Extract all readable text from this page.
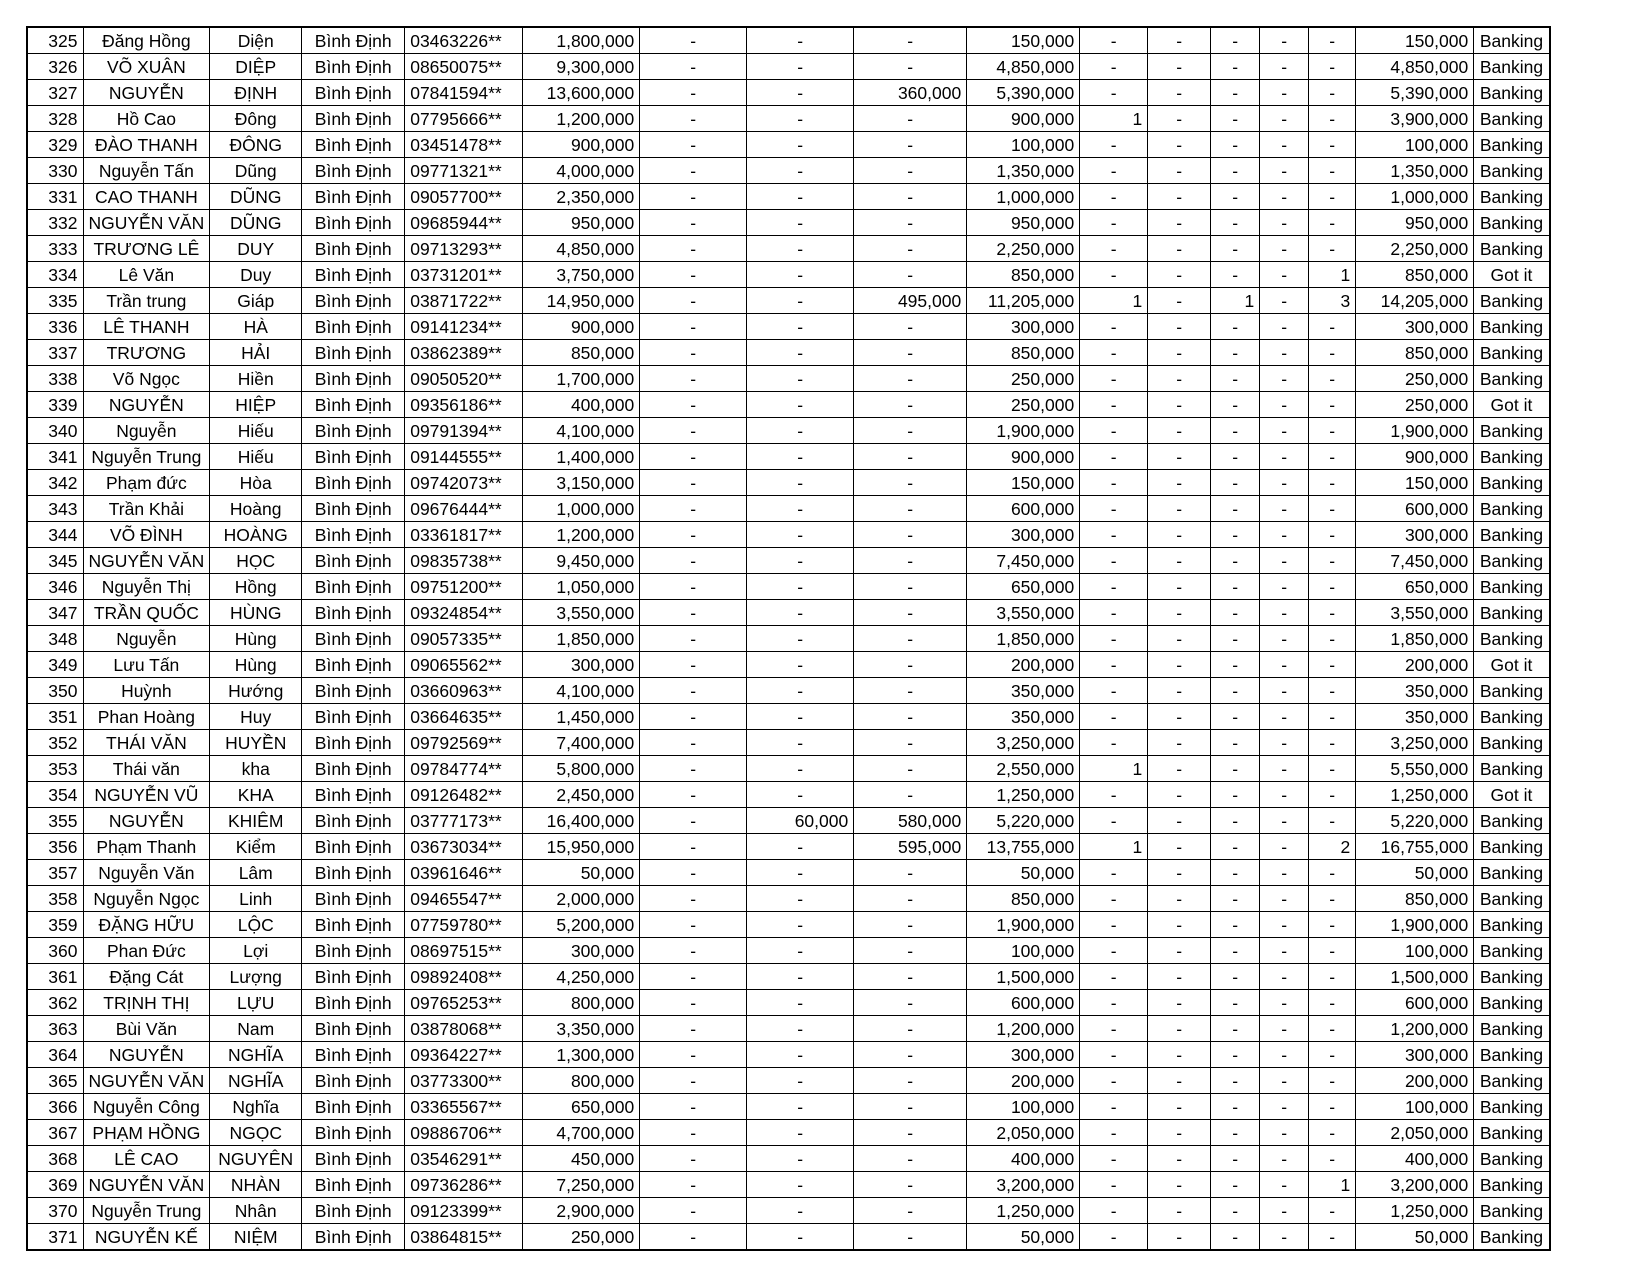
325	Đăng Hồng	Diện	Bình Định	03463226**	1,800,000	-	-	-	150,000	-	-	-	-	-	150,000	Banking
326	VÕ XUÂN	DIỆP	Bình Định	08650075**	9,300,000	-	-	-	4,850,000	-	-	-	-	-	4,850,000	Banking
327	NGUYỄN	ĐỊNH	Bình Định	07841594**	13,600,000	-	-	360,000	5,390,000	-	-	-	-	-	5,390,000	Banking
328	Hồ Cao	Đông	Bình Định	07795666**	1,200,000	-	-	-	900,000	1	-	-	-	-	3,900,000	Banking
329	ĐÀO THANH	ĐÔNG	Bình Định	03451478**	900,000	-	-	-	100,000	-	-	-	-	-	100,000	Banking
330	Nguyễn Tấn	Dũng	Bình Định	09771321**	4,000,000	-	-	-	1,350,000	-	-	-	-	-	1,350,000	Banking
331	CAO THANH	DŨNG	Bình Định	09057700**	2,350,000	-	-	-	1,000,000	-	-	-	-	-	1,000,000	Banking
332	NGUYỄN VĂN	DŨNG	Bình Định	09685944**	950,000	-	-	-	950,000	-	-	-	-	-	950,000	Banking
333	TRƯƠNG LÊ	DUY	Bình Định	09713293**	4,850,000	-	-	-	2,250,000	-	-	-	-	-	2,250,000	Banking
334	Lê Văn	Duy	Bình Định	03731201**	3,750,000	-	-	-	850,000	-	-	-	-	1	850,000	Got it
335	Trần trung	Giáp	Bình Định	03871722**	14,950,000	-	-	495,000	11,205,000	1	-	1	-	3	14,205,000	Banking
336	LÊ THANH	HÀ	Bình Định	09141234**	900,000	-	-	-	300,000	-	-	-	-	-	300,000	Banking
337	TRƯƠNG	HẢI	Bình Định	03862389**	850,000	-	-	-	850,000	-	-	-	-	-	850,000	Banking
338	Võ Ngọc	Hiền	Bình Định	09050520**	1,700,000	-	-	-	250,000	-	-	-	-	-	250,000	Banking
339	NGUYỄN	HIỆP	Bình Định	09356186**	400,000	-	-	-	250,000	-	-	-	-	-	250,000	Got it
340	Nguyễn	Hiếu	Bình Định	09791394**	4,100,000	-	-	-	1,900,000	-	-	-	-	-	1,900,000	Banking
341	Nguyễn Trung	Hiếu	Bình Định	09144555**	1,400,000	-	-	-	900,000	-	-	-	-	-	900,000	Banking
342	Phạm đức	Hòa	Bình Định	09742073**	3,150,000	-	-	-	150,000	-	-	-	-	-	150,000	Banking
343	Trần Khải	Hoàng	Bình Định	09676444**	1,000,000	-	-	-	600,000	-	-	-	-	-	600,000	Banking
344	VÕ ĐÌNH	HOÀNG	Bình Định	03361817**	1,200,000	-	-	-	300,000	-	-	-	-	-	300,000	Banking
345	NGUYỄN VĂN	HỌC	Bình Định	09835738**	9,450,000	-	-	-	7,450,000	-	-	-	-	-	7,450,000	Banking
346	Nguyễn Thị	Hồng	Bình Định	09751200**	1,050,000	-	-	-	650,000	-	-	-	-	-	650,000	Banking
347	TRẦN QUỐC	HÙNG	Bình Định	09324854**	3,550,000	-	-	-	3,550,000	-	-	-	-	-	3,550,000	Banking
348	Nguyễn	Hùng	Bình Định	09057335**	1,850,000	-	-	-	1,850,000	-	-	-	-	-	1,850,000	Banking
349	Lưu Tấn	Hùng	Bình Định	09065562**	300,000	-	-	-	200,000	-	-	-	-	-	200,000	Got it
350	Huỳnh	Hướng	Bình Định	03660963**	4,100,000	-	-	-	350,000	-	-	-	-	-	350,000	Banking
351	Phan Hoàng	Huy	Bình Định	03664635**	1,450,000	-	-	-	350,000	-	-	-	-	-	350,000	Banking
352	THÁI VĂN	HUYỀN	Bình Định	09792569**	7,400,000	-	-	-	3,250,000	-	-	-	-	-	3,250,000	Banking
353	Thái văn	kha	Bình Định	09784774**	5,800,000	-	-	-	2,550,000	1	-	-	-	-	5,550,000	Banking
354	NGUYỄN VŨ	KHA	Bình Định	09126482**	2,450,000	-	-	-	1,250,000	-	-	-	-	-	1,250,000	Got it
355	NGUYỄN	KHIÊM	Bình Định	03777173**	16,400,000	-	60,000	580,000	5,220,000	-	-	-	-	-	5,220,000	Banking
356	Phạm Thanh	Kiểm	Bình Định	03673034**	15,950,000	-	-	595,000	13,755,000	1	-	-	-	2	16,755,000	Banking
357	Nguyễn Văn	Lâm	Bình Định	03961646**	50,000	-	-	-	50,000	-	-	-	-	-	50,000	Banking
358	Nguyễn Ngọc	Linh	Bình Định	09465547**	2,000,000	-	-	-	850,000	-	-	-	-	-	850,000	Banking
359	ĐẶNG HỮU	LỘC	Bình Định	07759780**	5,200,000	-	-	-	1,900,000	-	-	-	-	-	1,900,000	Banking
360	Phan Đức	Lợi	Bình Định	08697515**	300,000	-	-	-	100,000	-	-	-	-	-	100,000	Banking
361	Đặng Cát	Lượng	Bình Định	09892408**	4,250,000	-	-	-	1,500,000	-	-	-	-	-	1,500,000	Banking
362	TRỊNH THỊ	LỰU	Bình Định	09765253**	800,000	-	-	-	600,000	-	-	-	-	-	600,000	Banking
363	Bùi Văn	Nam	Bình Định	03878068**	3,350,000	-	-	-	1,200,000	-	-	-	-	-	1,200,000	Banking
364	NGUYỄN	NGHĨA	Bình Định	09364227**	1,300,000	-	-	-	300,000	-	-	-	-	-	300,000	Banking
365	NGUYỄN VĂN	NGHĨA	Bình Định	03773300**	800,000	-	-	-	200,000	-	-	-	-	-	200,000	Banking
366	Nguyễn Công	Nghĩa	Bình Định	03365567**	650,000	-	-	-	100,000	-	-	-	-	-	100,000	Banking
367	PHẠM HỒNG	NGỌC	Bình Định	09886706**	4,700,000	-	-	-	2,050,000	-	-	-	-	-	2,050,000	Banking
368	LÊ CAO	NGUYÊN	Bình Định	03546291**	450,000	-	-	-	400,000	-	-	-	-	-	400,000	Banking
369	NGUYỄN VĂN	NHÀN	Bình Định	09736286**	7,250,000	-	-	-	3,200,000	-	-	-	-	1	3,200,000	Banking
370	Nguyễn Trung	Nhân	Bình Định	09123399**	2,900,000	-	-	-	1,250,000	-	-	-	-	-	1,250,000	Banking
371	NGUYỄN KẾ	NIỆM	Bình Định	03864815**	250,000	-	-	-	50,000	-	-	-	-	-	50,000	Banking
